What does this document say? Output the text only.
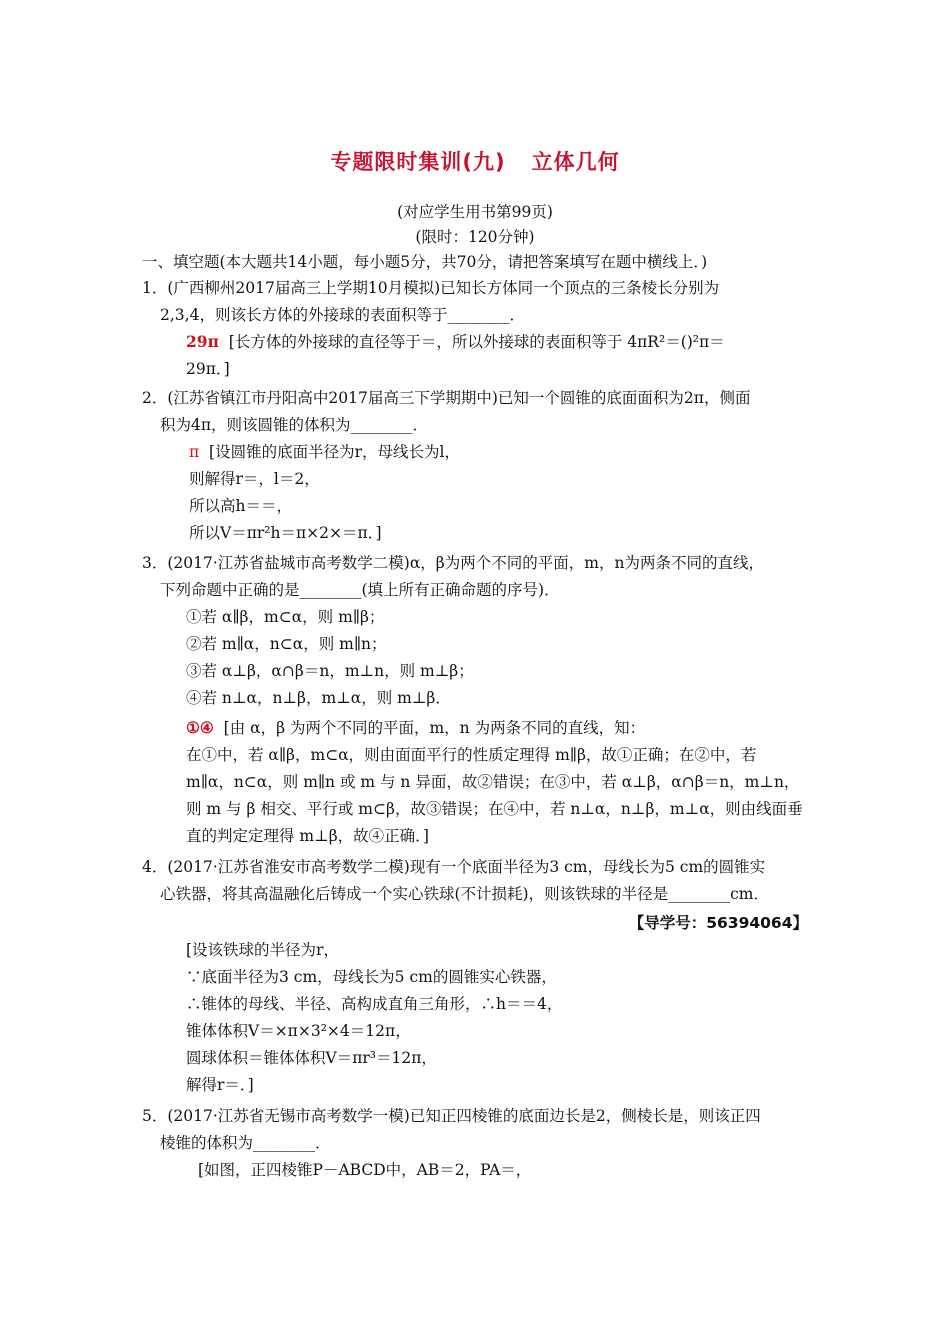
专题限时集训(九) 立体几何
(对应学生用书第99页)
(限时：120分钟)
一、填空题(本大题共14小题，每小题5分，共70分，请把答案填写在题中横线上．)
1．(广西柳州2017届高三上学期10月模拟)已知长方体同一个顶点的三条棱长分别为
2,3,4，则该长方体的外接球的表面积等于________．
29π [长方体的外接球的直径等于＝，所以外接球的表面积等于 4πR²＝()²π＝
29π．]
2．(江苏省镇江市丹阳高中2017届高三下学期期中)已知一个圆锥的底面面积为2π，侧面
积为4π，则该圆锥的体积为________．
π [设圆锥的底面半径为r，母线长为l，
则解得r＝，l＝2，
所以高h＝＝，
所以V＝πr²h＝π×2×＝π．]
3．(2017·江苏省盐城市高考数学二模)α，β为两个不同的平面，m，n为两条不同的直线，
下列命题中正确的是________(填上所有正确命题的序号)．
①若 α∥β，m⊂α，则 m∥β；
②若 m∥α，n⊂α，则 m∥n；
③若 α⊥β，α∩β＝n，m⊥n，则 m⊥β；
④若 n⊥α，n⊥β，m⊥α，则 m⊥β．
①④ [由 α，β 为两个不同的平面，m，n 为两条不同的直线，知：
在①中，若 α∥β，m⊂α，则由面面平行的性质定理得 m∥β，故①正确；在②中，若
m∥α，n⊂α，则 m∥n 或 m 与 n 异面，故②错误；在③中，若 α⊥β，α∩β＝n，m⊥n，
则 m 与 β 相交、平行或 m⊂β，故③错误；在④中，若 n⊥α，n⊥β，m⊥α，则由线面垂
直的判定定理得 m⊥β，故④正确．]
4．(2017·江苏省淮安市高考数学二模)现有一个底面半径为3 cm，母线长为5 cm的圆锥实
心铁器，将其高温融化后铸成一个实心铁球(不计损耗)，则该铁球的半径是________cm．
【导学号：56394064】
[设该铁球的半径为r，
∵底面半径为3 cm，母线长为5 cm的圆锥实心铁器，
∴锥体的母线、半径、高构成直角三角形，∴h＝＝4，
锥体体积V＝×π×3²×4＝12π，
圆球体积＝锥体体积V＝πr³＝12π，
解得r＝．]
5．(2017·江苏省无锡市高考数学一模)已知正四棱锥的底面边长是2，侧棱长是，则该正四
棱锥的体积为________．
[如图，正四棱锥P－ABCD中，AB＝2，PA＝，
